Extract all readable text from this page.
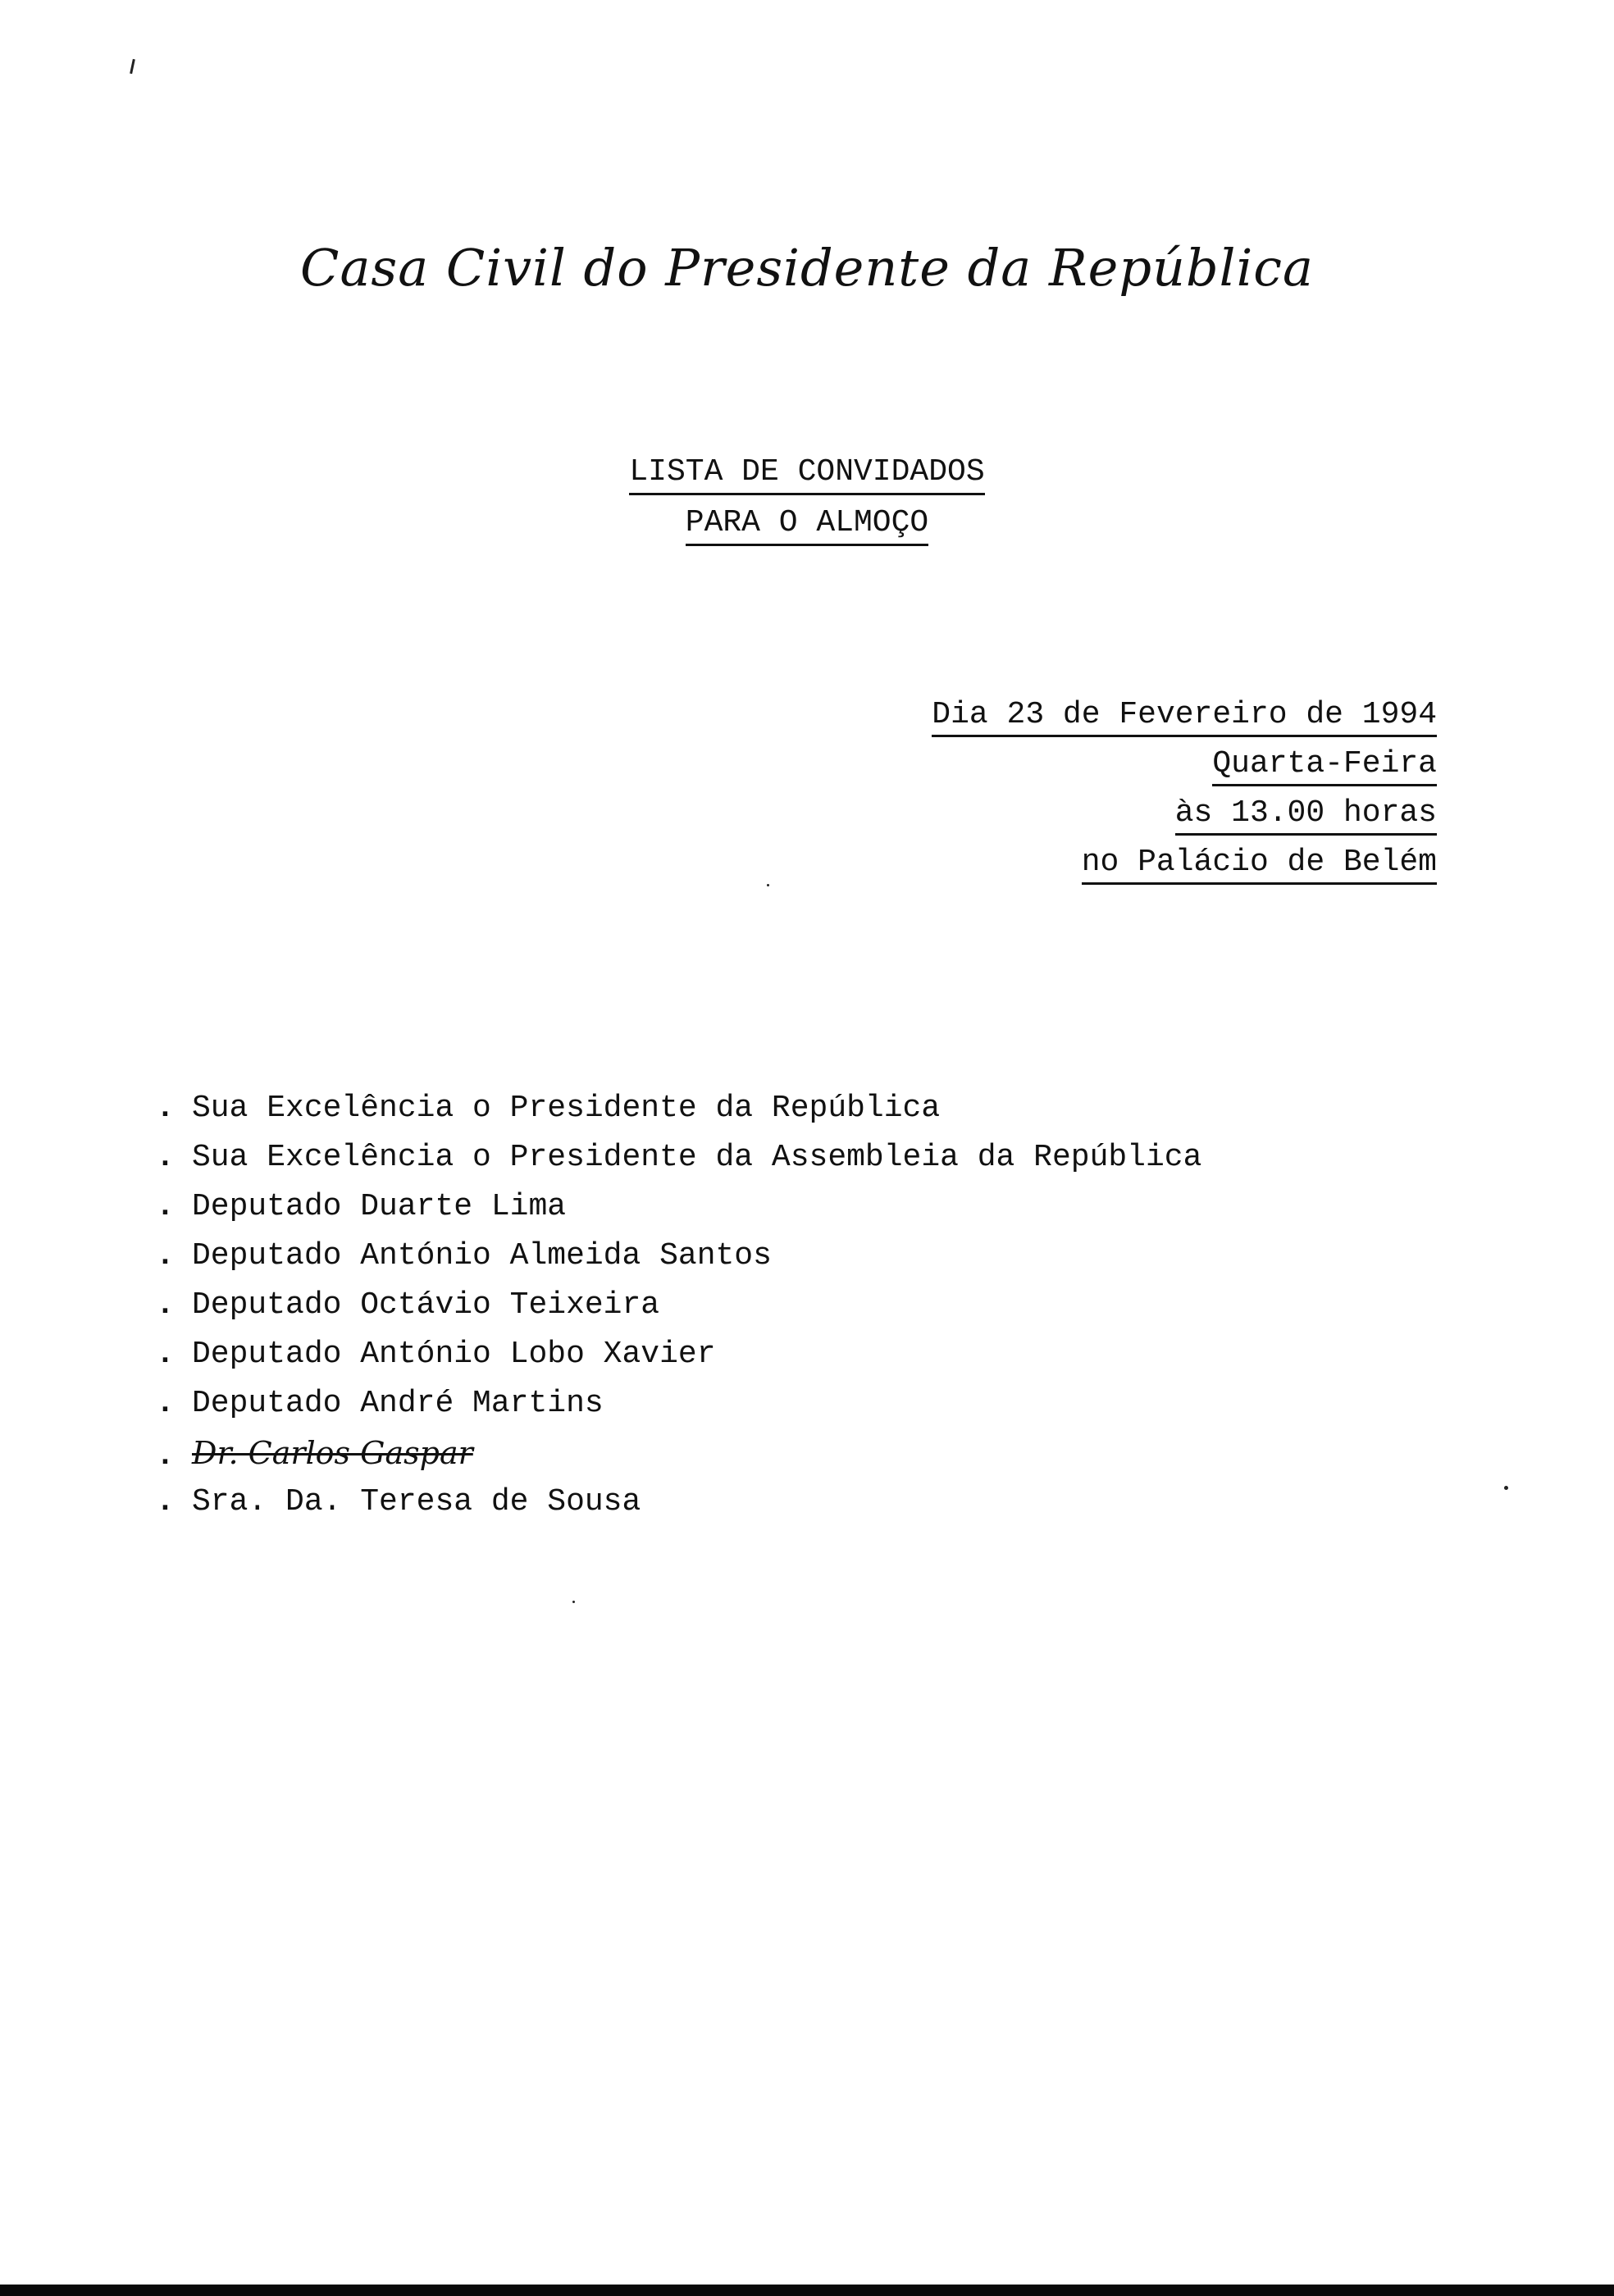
Casa Civil do Presidente da República
LISTA DE CONVIDADOS
PARA O ALMOÇO
Dia 23 de Fevereiro de 1994
Quarta-Feira
às 13.00 horas
no Palácio de Belém
. Sua Excelência o Presidente da República
. Sua Excelência o Presidente da Assembleia da República
. Deputado Duarte Lima
. Deputado António Almeida Santos
. Deputado Octávio Teixeira
. Deputado António Lobo Xavier
. Deputado André Martins
. Dr. Carlos Gaspar
. Sra. Da. Teresa de Sousa
